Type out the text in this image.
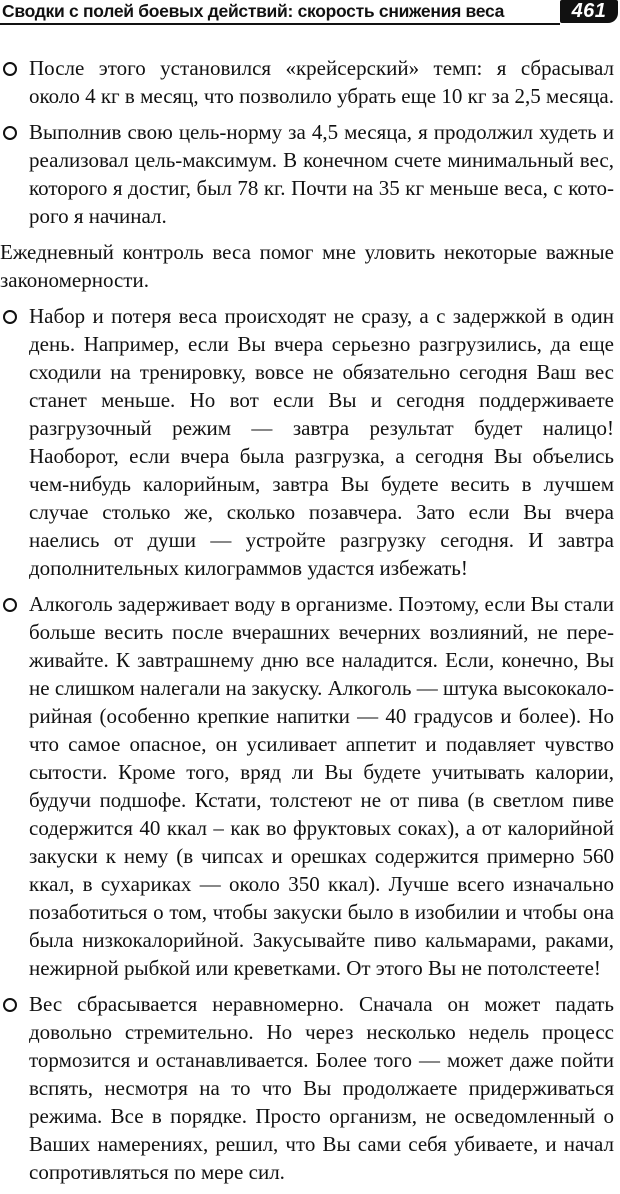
Сводки с полей боевых действий: скорость снижения веса	461
После этого установился «крейсерский» темп: я сбрасывал около 4 кг в месяц, что позволило убрать еще 10 кг за 2,5 месяца.
Выполнив свою цель-норму за 4,5 месяца, я продолжил худеть и реализовал цель-максимум. В конечном счете минимальный вес, которого я достиг, был 78 кг. Почти на 35 кг меньше веса, с которого я начинал.
Ежедневный контроль веса помог мне уловить некоторые важные закономерности.
Набор и потеря веса происходят не сразу, а с задержкой в один день. Например, если Вы вчера серьезно разгрузились, да еще сходили на тренировку, вовсе не обязательно сегодня Ваш вес станет меньше. Но вот если Вы и сегодня поддерживаете разгрузочный режим — завтра результат будет налицо! Наоборот, если вчера была разгрузка, а сегодня Вы объелись чем-нибудь калорийным, завтра Вы будете весить в лучшем случае столько же, сколько позавчера. Зато если Вы вчера наелись от души — устройте разгрузку сегодня. И завтра дополнительных килограммов удастся избежать!
Алкоголь задерживает воду в организме. Поэтому, если Вы стали больше весить после вчерашних вечерних возлияний, не переживайте. К завтрашнему дню все наладится. Если, конечно, Вы не слишком налегали на закуску. Алкоголь — штука высококалорийная (особенно крепкие напитки — 40 градусов и более). Но что самое опасное, он усиливает аппетит и подавляет чувство сытости. Кроме того, вряд ли Вы будете учитывать калории, будучи подшофе. Кстати, толстеют не от пива (в светлом пиве содержится 40 ккал – как во фруктовых соках), а от калорийной закуски к нему (в чипсах и орешках содержится примерно 560 ккал, в сухариках — около 350 ккал). Лучше всего изначально позаботиться о том, чтобы закуски было в изобилии и чтобы она была низкокалорийной. Закусывайте пиво кальмарами, раками, нежирной рыбкой или креветками. От этого Вы не потолстеете!
Вес сбрасывается неравномерно. Сначала он может падать довольно стремительно. Но через несколько недель процесс тормозится и останавливается. Более того — может даже пойти вспять, несмотря на то что Вы продолжаете придерживаться режима. Все в порядке. Просто организм, не осведомленный о Ваших намерениях, решил, что Вы сами себя убиваете, и начал сопротивляться по мере сил.
